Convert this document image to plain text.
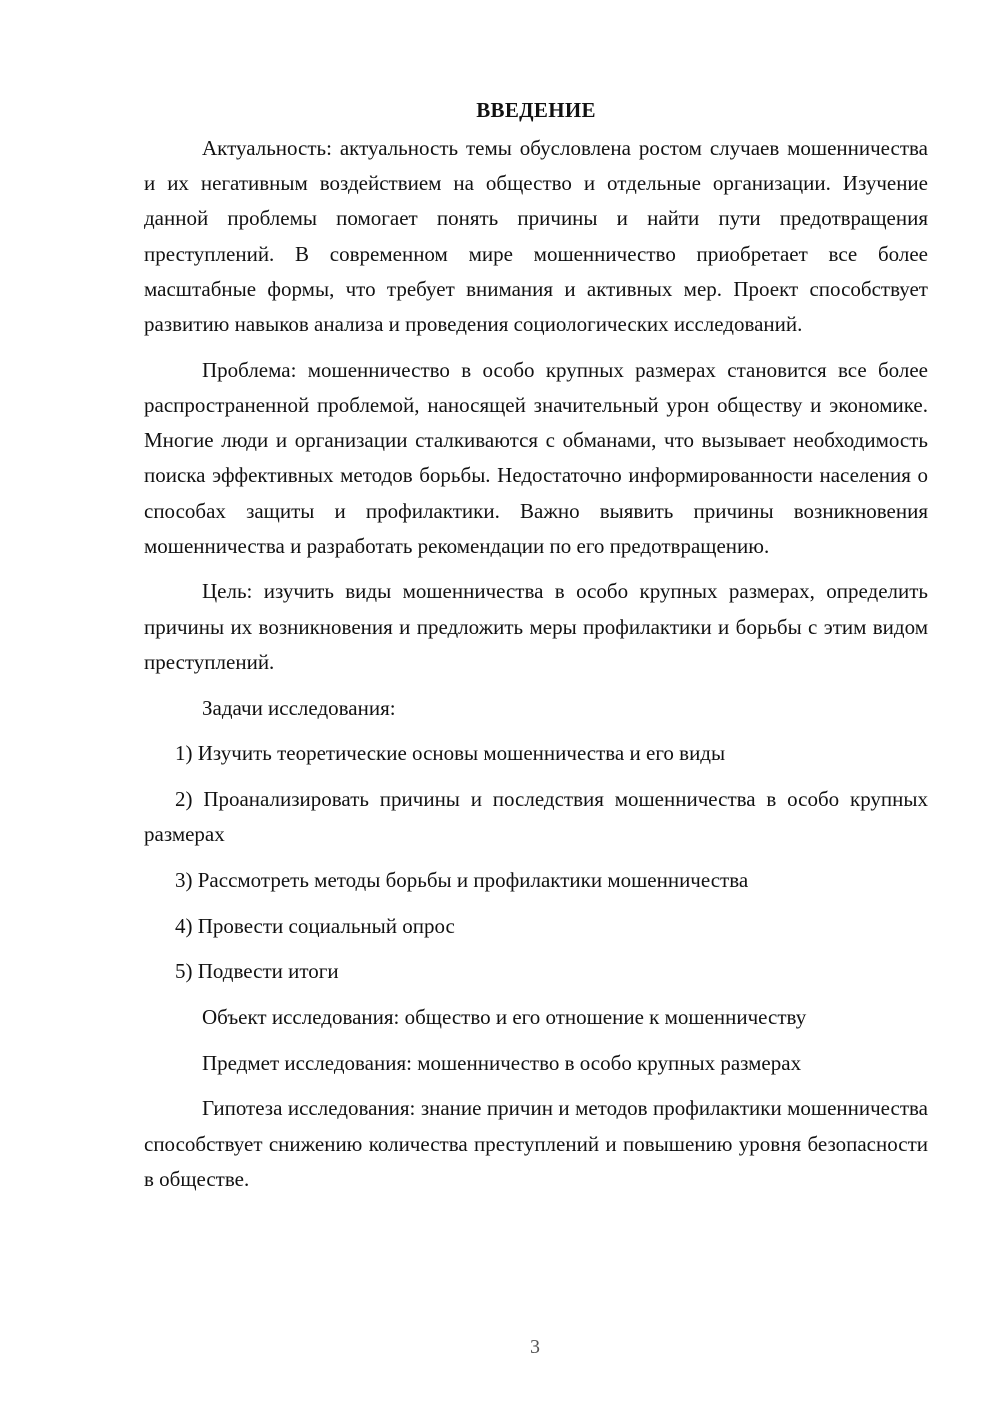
ВВЕДЕНИЕ

Актуальность: актуальность темы обусловлена ростом случаев мошенничества и их негативным воздействием на общество и отдельные организации. Изучение данной проблемы помогает понять причины и найти пути предотвращения преступлений. В современном мире мошенничество приобретает все более масштабные формы, что требует внимания и активных мер. Проект способствует развитию навыков анализа и проведения социологических исследований.

Проблема: мошенничество в особо крупных размерах становится все более распространенной проблемой, наносящей значительный урон обществу и экономике. Многие люди и организации сталкиваются с обманами, что вызывает необходимость поиска эффективных методов борьбы. Недостаточно информированности населения о способах защиты и профилактики. Важно выявить причины возникновения мошенничества и разработать рекомендации по его предотвращению.

Цель: изучить виды мошенничества в особо крупных размерах, определить причины их возникновения и предложить меры профилактики и борьбы с этим видом преступлений.

Задачи исследования:

1) Изучить теоретические основы мошенничества и его виды

2) Проанализировать причины и последствия мошенничества в особо крупных размерах

3) Рассмотреть методы борьбы и профилактики мошенничества

4) Провести социальный опрос

5) Подвести итоги

Объект исследования: общество и его отношение к мошенничеству

Предмет исследования: мошенничество в особо крупных размерах

Гипотеза исследования: знание причин и методов профилактики мошенничества способствует снижению количества преступлений и повышению уровня безопасности в обществе.

3
